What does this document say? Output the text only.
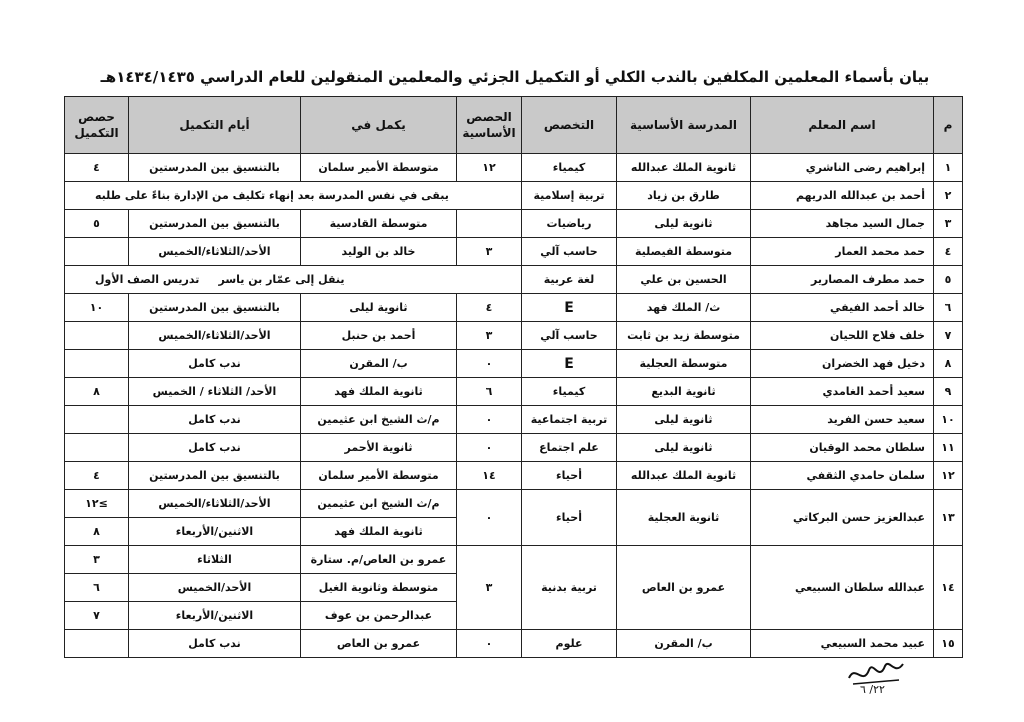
بيان بأسماء المعلمين المكلفين بالندب الكلي أو التكميل الجزئي والمعلمين المنقولين للعام الدراسي ١٤٣٤/١٤٣٥هـ
م	اسم المعلم	المدرسة الأساسية	التخصص	الحصص الأساسية	يكمل في	أيام التكميل	حصص التكميل
١	إبراهيم رضى الناشري	ثانوية الملك عبدالله	كيمياء	١٢	متوسطة الأمير سلمان	بالتنسيق بين المدرستين	٤
٢	أحمد بن عبدالله الدريهم	طارق بن زياد	تربية إسلامية	يبقى في نفس المدرسة بعد إنهاء تكليف من الإدارة بناءً على طلبه			
٣	جمال السيد مجاهد	ثانوية ليلى	رياضيات		متوسطة القادسية	بالتنسيق بين المدرستين	٥
٤	حمد محمد العمار	متوسطة الفيصلية	حاسب آلي	٣	خالد بن الوليد	الأحد/الثلاثاء/الخميس	
٥	حمد مطرف المصارير	الحسين بن علي	لغة عربية	ينقل إلى عمّار بن ياسر     تدريس الصف الأول			
٦	خالد أحمد الفيفي	ث/ الملك فهد	E	٤	ثانوية ليلى	بالتنسيق بين المدرستين	١٠
٧	خلف فلاح اللحيان	متوسطة زيد بن ثابت	حاسب آلي	٣	أحمد بن حنبل	الأحد/الثلاثاء/الخميس	
٨	دخيل فهد الخضران	متوسطة العجلية	E	٠	ب/ المقرن	ندب كامل	
٩	سعيد أحمد الغامدي	ثانوية البديع	كيمياء	٦	ثانوية الملك فهد	الأحد/ الثلاثاء / الخميس	٨
١٠	سعيد حسن الفريد	ثانوية ليلى	تربية اجتماعية	٠	م/ث الشيخ ابن عثيمين	ندب كامل	
١١	سلطان محمد الوقيان	ثانوية ليلى	علم اجتماع	٠	ثانوية الأحمر	ندب كامل	
١٢	سلمان حامدي الثقفي	ثانوية الملك عبدالله	أحياء	١٤	متوسطة الأمير سلمان	بالتنسيق بين المدرستين	٤
١٣	عبدالعزيز حسن البركاتي	ثانوية العجلية	أحياء	٠	م/ث الشيخ ابن عثيمين	الأحد/الثلاثاء/الخميس	≥١٢
					ثانوية الملك فهد	الاثنين/الأربعاء	٨
١٤	عبدالله سلطان السبيعي	عمرو بن العاص	تربية بدنية	٣	عمرو بن العاص/م. ستارة	الثلاثاء	٣
					متوسطة وثانوية الغيل	الأحد/الخميس	٦
					عبدالرحمن بن عوف	الاثنين/الأربعاء	٧
١٥	عبيد محمد السبيعي	ب/ المقرن	علوم	٠	عمرو بن العاص	ندب كامل	
٢٢/ ٦
